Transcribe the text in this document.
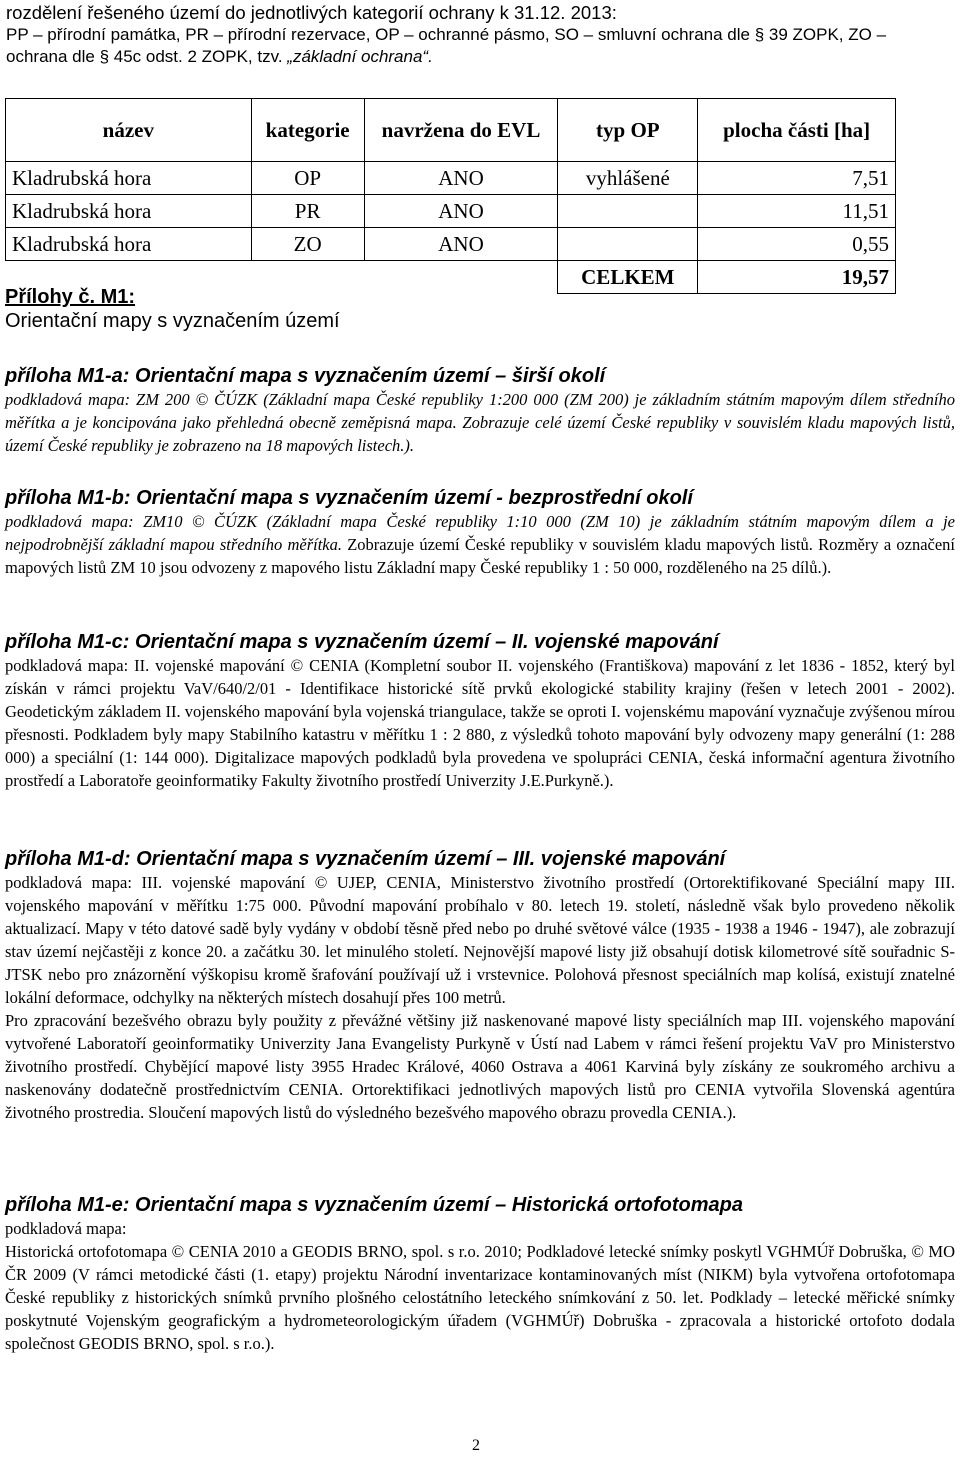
rozdělení řešeného území do jednotlivých kategorií ochrany k 31.12. 2013:
PP – přírodní památka, PR – přírodní rezervace, OP – ochranné pásmo, SO – smluvní ochrana dle § 39 ZOPK, ZO –
ochrana dle § 45c odst. 2 ZOPK, tzv. „základní ochrana“.
název	kategorie	navržena do EVL	typ OP	plocha části [ha]
Kladrubská hora	OP	ANO	vyhlášené	7,51
Kladrubská hora	PR	ANO		11,51
Kladrubská hora	ZO	ANO		0,55
			CELKEM	19,57
Přílohy č. M1:
Orientační mapy s vyznačením území
příloha M1-a: Orientační mapa s vyznačením území – širší okolí

podkladová mapa: ZM 200 © ČÚZK (Základní mapa České republiky 1:200 000 (ZM 200) je základním státním mapovým dílem středního měřítka a je koncipována jako přehledná obecně zeměpisná mapa. Zobrazuje celé území České republiky v souvislém kladu mapových listů, území České republiky je zobrazeno na 18 mapových listech.).

příloha M1-b: Orientační mapa s vyznačením území - bezprostřední okolí

podkladová mapa: ZM10 © ČÚZK (Základní mapa České republiky 1:10 000 (ZM 10) je základním státním mapovým dílem a je nejpodrobnější základní mapou středního měřítka. Zobrazuje území České republiky v souvislém kladu mapových listů. Rozměry a označení mapových listů ZM 10 jsou odvozeny z mapového listu Základní mapy České republiky 1 : 50 000, rozděleného na 25 dílů.).

příloha M1-c: Orientační mapa s vyznačením území – II. vojenské mapování

podkladová mapa: II. vojenské mapování © CENIA (Kompletní soubor II. vojenského (Františkova) mapování z let 1836 - 1852, který byl získán v rámci projektu VaV/640/2/01 - Identifikace historické sítě prvků ekologické stability krajiny (řešen v letech 2001 - 2002). Geodetickým základem II. vojenského mapování byla vojenská triangulace, takže se oproti I. vojenskému mapování vyznačuje zvýšenou mírou přesnosti. Podkladem byly mapy Stabilního katastru v měřítku 1 : 2 880, z výsledků tohoto mapování byly odvozeny mapy generální (1: 288 000) a speciální (1: 144 000). Digitalizace mapových podkladů byla provedena ve spolupráci CENIA, česká informační agentura životního prostředí a Laboratoře geoinformatiky Fakulty životního prostředí Univerzity J.E.Purkyně.).

příloha M1-d: Orientační mapa s vyznačením území – III. vojenské mapování

podkladová mapa: III. vojenské mapování © UJEP, CENIA, Ministerstvo životního prostředí (Ortorektifikované Speciální mapy III. vojenského mapování v měřítku 1:75 000. Původní mapování probíhalo v 80. letech 19. století, následně však bylo provedeno několik aktualizací. Mapy v této datové sadě byly vydány v období těsně před nebo po druhé světové válce (1935 - 1938 a 1946 - 1947), ale zobrazují stav území nejčastěji z konce 20. a začátku 30. let minulého století. Nejnovější mapové listy již obsahují dotisk kilometrové sítě souřadnic S-JTSK nebo pro znázornění výškopisu kromě šrafování používají už i vrstevnice. Polohová přesnost speciálních map kolísá, existují znatelné lokální deformace, odchylky na některých místech dosahují přes 100 metrů.

Pro zpracování bezešvého obrazu byly použity z převážné většiny již naskenované mapové listy speciálních map III. vojenského mapování vytvořené Laboratoří geoinformatiky Univerzity Jana Evangelisty Purkyně v Ústí nad Labem v rámci řešení projektu VaV pro Ministerstvo životního prostředí. Chybějící mapové listy 3955 Hradec Králové, 4060 Ostrava a 4061 Karviná byly získány ze soukromého archivu a naskenovány dodatečně prostřednictvím CENIA. Ortorektifikaci jednotlivých mapových listů pro CENIA vytvořila Slovenská agentúra životného prostredia. Sloučení mapových listů do výsledného bezešvého mapového obrazu provedla CENIA.).

příloha M1-e: Orientační mapa s vyznačením území – Historická ortofotomapa

podkladová mapa:

Historická ortofotomapa © CENIA 2010 a GEODIS BRNO, spol. s r.o. 2010; Podkladové letecké snímky poskytl VGHMÚř Dobruška, © MO ČR 2009 (V rámci metodické části (1. etapy) projektu Národní inventarizace kontaminovaných míst (NIKM) byla vytvořena ortofotomapa České republiky z historických snímků prvního plošného celostátního leteckého snímkování z 50. let. Podklady – letecké měřické snímky poskytnuté Vojenským geografickým a hydrometeorologickým úřadem (VGHMÚř) Dobruška - zpracovala a historické ortofoto dodala společnost GEODIS BRNO, spol. s r.o.).

2
